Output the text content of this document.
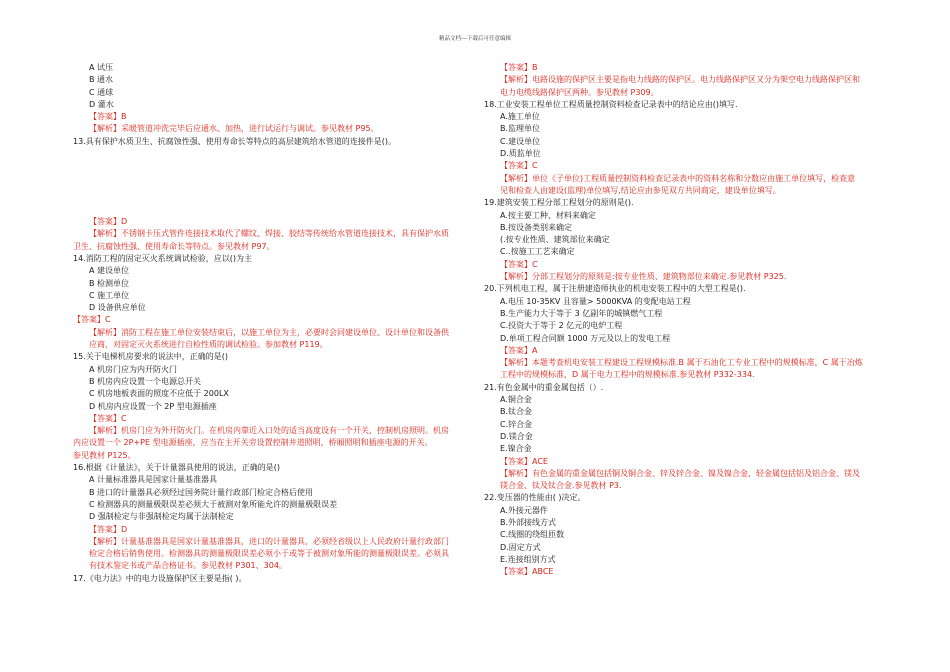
精品文档---下载后可任意编辑
A 试压
B 通水
C 通球
D 灌水
【答案】B
【解析】采暖管道冲洗完毕后应通水、加热，进行试运行与调试。参见教材 P95。
13.具有保护水质卫生、抗腐蚀性强、使用寿命长等特点的高层建筑给水管道的连接件是()。
【答案】D
【解析】不锈钢卡压式管件连接技术取代了螺纹、焊接、胶结等传统给水管道连接技术，具有保护水质
卫生、抗腐蚀性强、使用寿命长等特点。参见教材 P97。
14.消防工程的固定灭火系统调试检验，应以()为主
A 建设单位
B 检测单位
C 施工单位
D 设备供应单位
【答案】C
【解析】消防工程在施工单位安装结束后，以施工单位为主，必要时会同建设单位、设计单位和设备供
应商，对固定灭火系统进行自检性质的调试检验。参加教材 P119。
15.关于电梯机房要求的说法中，正确的是()
A 机房门应为内开防火门
B 机房内应设置一个电源总开关
C 机房地板表面的照度不应低于 200LX
D 机房内应设置一个 2P 型电源插座
【答案】C
【解析】机房门应为外开防火门。在机房内靠近入口处的适当高度设有一个开关，控制机房照明。机房
内应设置一个 2P+PE 型电源插座，应当在主开关旁设置控制井道照明，桥厢照明和插座电源的开关。
参见教材 P125。
16.根据《计量法》，关于计量器具使用的说法，正确的是()
A 计量标准器具是国家计量基准器具
B 进口的计量器具必须经过国务院计量行政部门检定合格后使用
C 检测器具的测量极限误差必须大于被测对象所能允许的测量极限误差
D 强制检定与非强制检定均属于法制检定
【答案】D
【解析】计量基准器具是国家计量基准器具，进口的计量器具，必须经省级以上人民政府计量行政部门
检定合格后销售使用。检测器具的测量极限误差必须小于或等于被测对象所能的测量极限误差。必须具
有技术鉴定书或产品合格证书。参见教材 P301、304。
17.《电力法》中的电力设施保护区主要是指( )。
【答案】B
【解析】电路设施的保护区主要是指电力线路的保护区。电力线路保护区又分为架空电力线路保护区和
电力电缆线路保护区两种。参见教材 P309。
18.工业安装工程单位工程质量控制资料检查记录表中的结论应由()填写.
A.施工单位
B.监理单位
C.建设单位
D.质监单位
【答案】C
【解析】单位《子单位)工程质量控制资料检查记录表中的资料名称和分数应由施工单位填写，检查意
见和检查人由建设(监理)单位填写,结论应由参见双方共同商定，建设单位填写。
19.建筑安装工程分部工程划分的原则是().
A.按主要工种、材料来确定
B.按设备类别来确定
(.按专业性质、建筑部位来确定
C..按施工工艺来确定
【答案】C
【解析】分部工程划分的原则是:按专业性质、建筑物部位来确定.参见教材 P325.
20.下列机电工程，属于注册建造师执业的机电安装工程中的大型工程是().
A.电压 10-35KV 且容量> 5000KVA 的变配电站工程
B.生产能力大于等于 3 亿副年的城镇燃气工程
C.投资大于等于 2 亿元的电炉工程
D.单项工程合同额 1000 万元及以上的发电工程
【答案】A
【解析】本题考查机电安装工程建设工程规模标准.B 属于石油化工专业工程中的规模标准，C 属于冶炼
工程中的规模标准，D 属于电力工程中的规模标准.参见教材 P332-334.
21.有色金属中的重金属包括（）.
A.铜合金
B.钛合金
C.锌合金
D.镁合金
E.镍合金
【答案】ACE
【解析】有色金属的重金属包括铜及铜合金、锌及锌合金、镍及镍合金，轻金属包括铝及铝合金、镁及
镁合金、钛及钛合金.参见教材 P3.
22.变压器的性能由( )决定。
A.外接元器件
B.外部接线方式
C.线圈的绕组匝数
D.固定方式
E.连接组别方式
【答案】ABCE
